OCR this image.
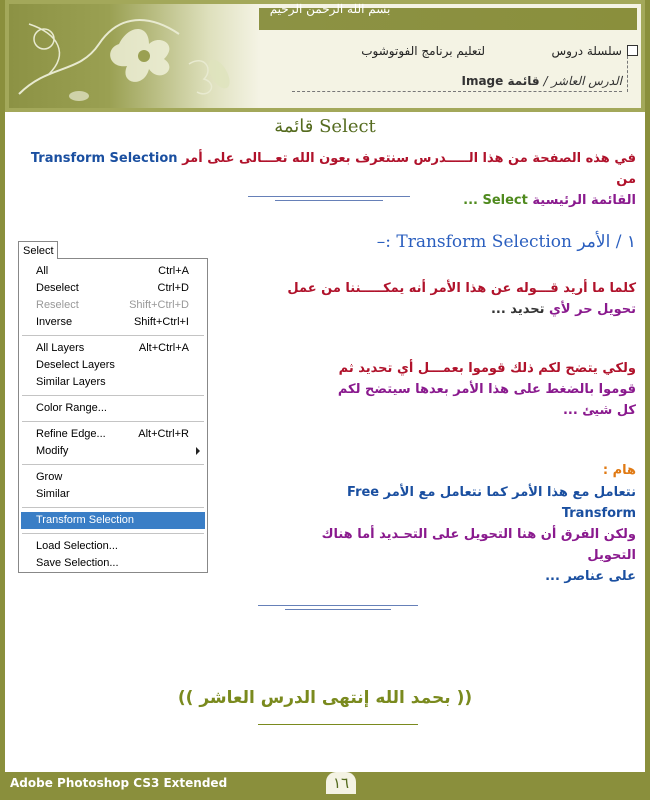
بسم الله الرحمن الرحيم
سلسلة دروس
لتعليم برنامج الفوتوشوب
الدرس العاشر / قائمة Image
قائمة Select
في هذه الصفحة من هذا الـــــدرس سنتعرف بعون الله تعـــالى على أمر Transform Selection من
القائمة الرئيسية Select ...
١ / الأمر Transform Selection :–
كلما ما أريد قـــوله عن هذا الأمر أنه يمكـــــننا من عمل
تحويل حر لأي تحديد ...
ولكي يتضح لكم ذلك قوموا بعمـــل أي تحديد ثم
قوموا بالضغط على هذا الأمر بعدها سيتضح لكم
كل شيئ ...
هام :
نتعامل مع هذا الأمر كما نتعامل مع الأمر Free Transform
ولكن الفرق أن هنا التحويل على التحـديد أما هناك التحويل
على عناصر ...
(( بحمد الله إنتهى الدرس العاشر ))
Adobe Photoshop CS3 Extended	١٦
Select
All	Ctrl+A
Deselect	Ctrl+D
Reselect	Shift+Ctrl+D
Inverse	Shift+Ctrl+I
All Layers	Alt+Ctrl+A
Deselect Layers
Similar Layers
Color Range...
Refine Edge...	Alt+Ctrl+R
Modify
Grow
Similar
Transform Selection
Load Selection...
Save Selection...
